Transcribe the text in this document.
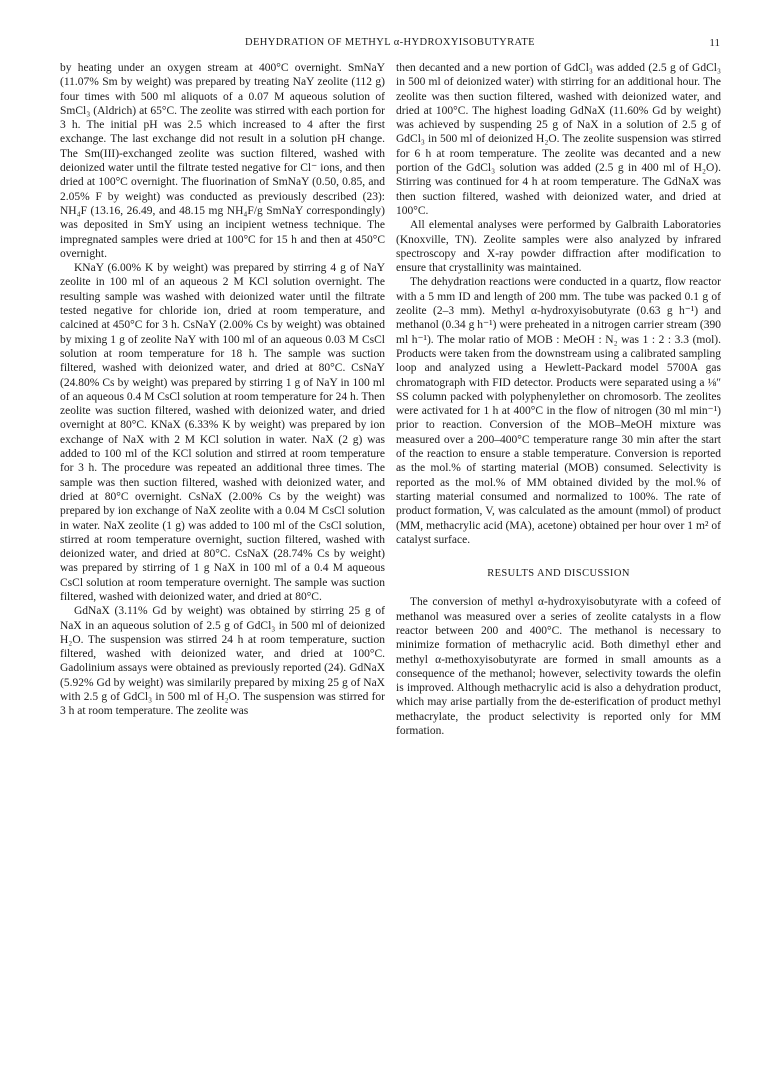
DEHYDRATION OF METHYL α-HYDROXYISOBUTYRATE	11

by heating under an oxygen stream at 400°C overnight. SmNaY (11.07% Sm by weight) was prepared by treating NaY zeolite (112 g) four times with 500 ml aliquots of a 0.07 M aqueous solution of SmCl₃ (Aldrich) at 65°C. The zeolite was stirred with each portion for 3 h. The initial pH was 2.5 which increased to 4 after the first exchange. The last exchange did not result in a solution pH change. The Sm(III)-exchanged zeolite was suction filtered, washed with deionized water until the filtrate tested negative for Cl⁻ ions, and then dried at 100°C overnight. The fluorination of SmNaY (0.50, 0.85, and 2.05% F by weight) was conducted as previously described (23): NH₄F (13.16, 26.49, and 48.15 mg NH₄F/g SmNaY correspondingly) was deposited in SmY using an incipient wetness technique. The impregnated samples were dried at 100°C for 15 h and then at 450°C overnight.

KNaY (6.00% K by weight) was prepared by stirring 4 g of NaY zeolite in 100 ml of an aqueous 2 M KCl solution overnight. The resulting sample was washed with deionized water until the filtrate tested negative for chloride ion, dried at room temperature, and calcined at 450°C for 3 h. CsNaY (2.00% Cs by weight) was obtained by mixing 1 g of zeolite NaY with 100 ml of an aqueous 0.03 M CsCl solution at room temperature for 18 h. The sample was suction filtered, washed with deionized water, and dried at 80°C. CsNaY (24.80% Cs by weight) was prepared by stirring 1 g of NaY in 100 ml of an aqueous 0.4 M CsCl solution at room temperature for 24 h. Then zeolite was suction filtered, washed with deionized water, and dried overnight at 80°C. KNaX (6.33% K by weight) was prepared by ion exchange of NaX with 2 M KCl solution in water. NaX (2 g) was added to 100 ml of the KCl solution and stirred at room temperature for 3 h. The procedure was repeated an additional three times. The sample was then suction filtered, washed with deionized water, and dried at 80°C overnight. CsNaX (2.00% Cs by the weight) was prepared by ion exchange of NaX zeolite with a 0.04 M CsCl solution in water. NaX zeolite (1 g) was added to 100 ml of the CsCl solution, stirred at room temperature overnight, suction filtered, washed with deionized water, and dried at 80°C. CsNaX (28.74% Cs by weight) was prepared by stirring of 1 g NaX in 100 ml of a 0.4 M aqueous CsCl solution at room temperature overnight. The sample was suction filtered, washed with deionized water, and dried at 80°C.

GdNaX (3.11% Gd by weight) was obtained by stirring 25 g of NaX in an aqueous solution of 2.5 g of GdCl₃ in 500 ml of deionized H₂O. The suspension was stirred 24 h at room temperature, suction filtered, washed with deionized water, and dried at 100°C. Gadolinium assays were obtained as previously reported (24). GdNaX (5.92% Gd by weight) was similarily prepared by mixing 25 g of NaX with 2.5 g of GdCl₃ in 500 ml of H₂O. The suspension was stirred for 3 h at room temperature. The zeolite was

then decanted and a new portion of GdCl₃ was added (2.5 g of GdCl₃ in 500 ml of deionized water) with stirring for an additional hour. The zeolite was then suction filtered, washed with deionized water, and dried at 100°C. The highest loading GdNaX (11.60% Gd by weight) was achieved by suspending 25 g of NaX in a solution of 2.5 g of GdCl₃ in 500 ml of deionized H₂O. The zeolite suspension was stirred for 6 h at room temperature. The zeolite was decanted and a new portion of the GdCl₃ solution was added (2.5 g in 400 ml of H₂O). Stirring was continued for 4 h at room temperature. The GdNaX was then suction filtered, washed with deionized water, and dried at 100°C.

All elemental analyses were performed by Galbraith Laboratories (Knoxville, TN). Zeolite samples were also analyzed by infrared spectroscopy and X-ray powder diffraction after modification to ensure that crystallinity was maintained.

The dehydration reactions were conducted in a quartz, flow reactor with a 5 mm ID and length of 200 mm. The tube was packed 0.1 g of zeolite (2–3 mm). Methyl α-hydroxyisobutyrate (0.63 g h⁻¹) and methanol (0.34 g h⁻¹) were preheated in a nitrogen carrier stream (390 ml h⁻¹). The molar ratio of MOB : MeOH : N₂ was 1 : 2 : 3.3 (mol). Products were taken from the downstream using a calibrated sampling loop and analyzed using a Hewlett-Packard model 5700A gas chromatograph with FID detector. Products were separated using a ⅛″ SS column packed with polyphenylether on chromosorb. The zeolites were activated for 1 h at 400°C in the flow of nitrogen (30 ml min⁻¹) prior to reaction. Conversion of the MOB–MeOH mixture was measured over a 200–400°C temperature range 30 min after the start of the reaction to ensure a stable temperature. Conversion is reported as the mol.% of starting material (MOB) consumed. Selectivity is reported as the mol.% of MM obtained divided by the mol.% of starting material consumed and normalized to 100%. The rate of product formation, V, was calculated as the amount (mmol) of product (MM, methacrylic acid (MA), acetone) obtained per hour over 1 m² of catalyst surface.

RESULTS AND DISCUSSION

The conversion of methyl α-hydroxyisobutyrate with a cofeed of methanol was measured over a series of zeolite catalysts in a flow reactor between 200 and 400°C. The methanol is necessary to minimize formation of methacrylic acid. Both dimethyl ether and methyl α-methoxyisobutyrate are formed in small amounts as a consequence of the methanol; however, selectivity towards the olefin is improved. Although methacrylic acid is also a dehydration product, which may arise partially from the de-esterification of product methyl methacrylate, the product selectivity is reported only for MM formation.
